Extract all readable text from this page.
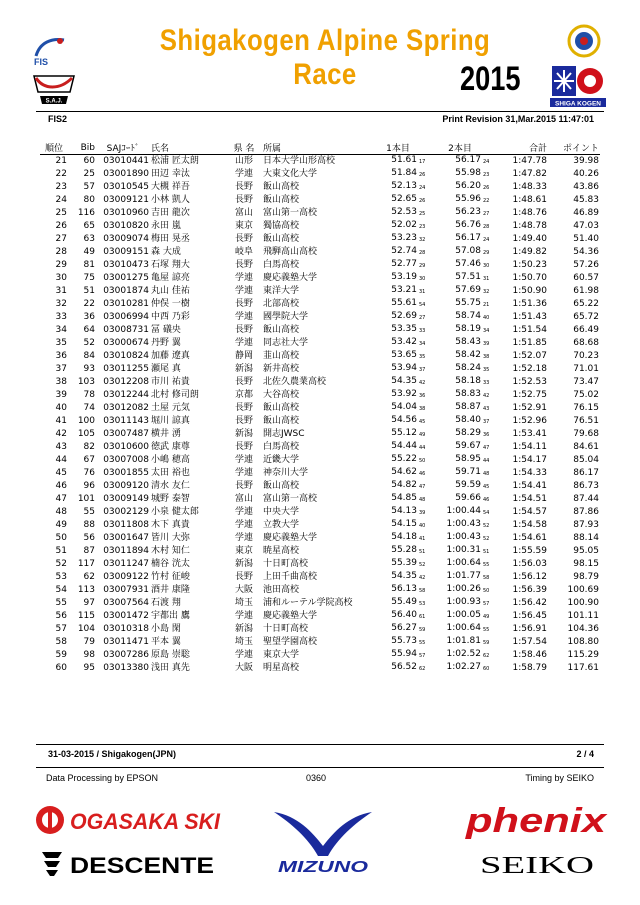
FIS
S.A.J.
Shigakogen Alpine Spring Race	2015
SHIGA KOGEN
FIS2	Print Revision 31,Mar.2015 11:47:01
順位	Bib	SAJｺｰﾄﾞ	氏名	県 名	所属	1本目	2本目	合計	ポイント
21	60	03010441	松浦 匠太朗	山形	日本大学山形高校	51.61 $_{17}$	56.17 $_{24}$	1:47.78	39.98
22	25	03001890	田辺 幸汰	学連	大東文化大学	51.84 $_{26}$	55.98 $_{23}$	1:47.82	40.26
23	57	03010545	大槻 祥吾	長野	飯山高校	52.13 $_{24}$	56.20 $_{26}$	1:48.33	43.86
24	80	03009121	小林 凱人	長野	飯山高校	52.65 $_{26}$	55.96 $_{22}$	1:48.61	45.83
25	116	03010960	吉田 龍次	富山	富山第一高校	52.53 $_{25}$	56.23 $_{27}$	1:48.76	46.89
26	65	03010820	永田 嵐	東京	獨協高校	52.02 $_{23}$	56.76 $_{28}$	1:48.78	47.03
27	63	03009074	梅田 晃丞	長野	飯山高校	53.23 $_{32}$	56.17 $_{24}$	1:49.40	51.40
28	49	03009151	森 大成	岐阜	飛騨高山高校	52.74 $_{28}$	57.08 $_{29}$	1:49.82	54.36
29	81	03010473	石塚 翔大	長野	白馬高校	52.77 $_{29}$	57.46 $_{30}$	1:50.23	57.26
30	75	03001275	亀屋 諒亮	学連	慶応義塾大学	53.19 $_{30}$	57.51 $_{31}$	1:50.70	60.57
31	51	03001874	丸山 佳祐	学連	東洋大学	53.21 $_{31}$	57.69 $_{32}$	1:50.90	61.98
32	22	03010281	仲俣 一樹	長野	北部高校	55.61 $_{54}$	55.75 $_{21}$	1:51.36	65.22
33	36	03006994	中西 乃彩	学連	國學院大学	52.69 $_{27}$	58.74 $_{40}$	1:51.43	65.72
34	64	03008731	冨 礒央	長野	飯山高校	53.35 $_{33}$	58.19 $_{34}$	1:51.54	66.49
35	52	03000674	丹野 翼	学連	同志社大学	53.42 $_{34}$	58.43 $_{39}$	1:51.85	68.68
36	84	03010824	加藤 遼真	静岡	韮山高校	53.65 $_{35}$	58.42 $_{38}$	1:52.07	70.23
37	93	03011255	瀬尾 真	新潟	新井高校	53.94 $_{37}$	58.24 $_{35}$	1:52.18	71.01
38	103	03012208	市川 祐貴	長野	北佐久農業高校	54.35 $_{42}$	58.18 $_{33}$	1:52.53	73.47
39	78	03012244	北村 修司朗	京都	大谷高校	53.92 $_{36}$	58.83 $_{42}$	1:52.75	75.02
40	74	03012082	土屋 元気	長野	飯山高校	54.04 $_{38}$	58.87 $_{43}$	1:52.91	76.15
41	100	03011143	堀川 諒真	長野	飯山高校	54.56 $_{45}$	58.40 $_{37}$	1:52.96	76.51
42	105	03007487	横井 湧	新潟	開志JWSC	55.12 $_{49}$	58.29 $_{36}$	1:53.41	79.68
43	82	03010600	徳武 康尊	長野	白馬高校	54.44 $_{44}$	59.67 $_{47}$	1:54.11	84.61
44	67	03007008	小嶋 穂高	学連	近畿大学	55.22 $_{50}$	58.95 $_{44}$	1:54.17	85.04
45	76	03001855	太田 裕也	学連	神奈川大学	54.62 $_{46}$	59.71 $_{48}$	1:54.33	86.17
46	96	03009120	清水 友仁	長野	飯山高校	54.82 $_{47}$	59.59 $_{45}$	1:54.41	86.73
47	101	03009149	城野 泰智	富山	富山第一高校	54.85 $_{48}$	59.66 $_{46}$	1:54.51	87.44
48	55	03002129	小泉 健太郎	学連	中央大学	54.13 $_{39}$	1:00.44 $_{54}$	1:54.57	87.86
49	88	03011808	木下 真貴	学連	立教大学	54.15 $_{40}$	1:00.43 $_{52}$	1:54.58	87.93
50	56	03001647	皆川 大弥	学連	慶応義塾大学	54.18 $_{41}$	1:00.43 $_{52}$	1:54.61	88.14
51	87	03011894	木村 知仁	東京	暁星高校	55.28 $_{51}$	1:00.31 $_{51}$	1:55.59	95.05
52	117	03011247	楠谷 洸太	新潟	十日町高校	55.39 $_{52}$	1:00.64 $_{55}$	1:56.03	98.15
53	62	03009122	竹村 征峻	長野	上田千曲高校	54.35 $_{42}$	1:01.77 $_{58}$	1:56.12	98.79
54	113	03007931	酒井 康隆	大阪	池田高校	56.13 $_{58}$	1:00.26 $_{50}$	1:56.39	100.69
55	97	03007564	石渡 翔	埼玉	浦和ルーテル学院高校	55.49 $_{53}$	1:00.93 $_{57}$	1:56.42	100.90
56	115	03001472	宇都出 鷹	学連	慶応義塾大学	56.40 $_{61}$	1:00.05 $_{49}$	1:56.45	101.11
57	104	03010318	小島 閑	新潟	十日町高校	56.27 $_{59}$	1:00.64 $_{55}$	1:56.91	104.36
58	79	03011471	平本 翼	埼玉	聖望学園高校	55.73 $_{55}$	1:01.81 $_{59}$	1:57.54	108.80
59	98	03007286	原島 崇聡	学連	東京大学	55.94 $_{57}$	1:02.52 $_{62}$	1:58.46	115.29
60	95	03013380	浅田 真先	大阪	明星高校	56.52 $_{62}$	1:02.27 $_{60}$	1:58.79	117.61
31-03-2015 / Shigakogen(JPN)	2 / 4
Data Processing by EPSON	0360	Timing by SEIKO
OGASAKA SKI
DESCENTE	MIZUNO
phenix
SEIKO
